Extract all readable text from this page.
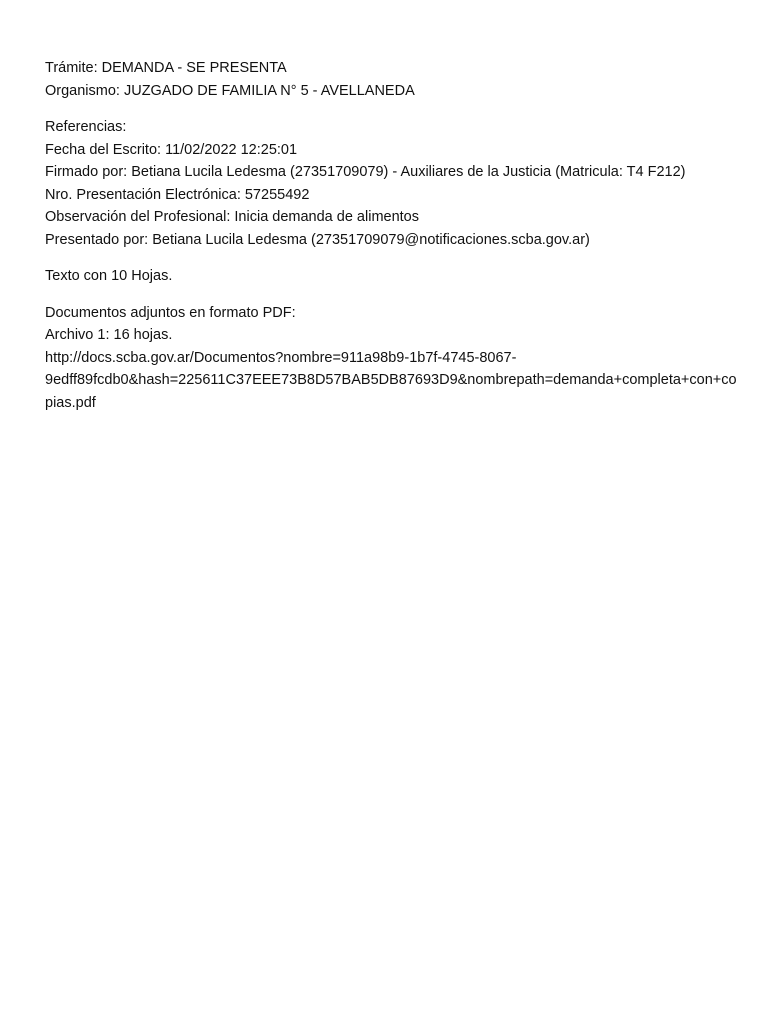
Trámite: DEMANDA - SE PRESENTA
Organismo: JUZGADO DE FAMILIA N° 5 - AVELLANEDA
Referencias:
Fecha del Escrito: 11/02/2022 12:25:01
Firmado por: Betiana Lucila Ledesma (27351709079) - Auxiliares de la Justicia (Matricula: T4 F212)
Nro. Presentación Electrónica: 57255492
Observación del Profesional: Inicia demanda de alimentos
Presentado por: Betiana Lucila Ledesma (27351709079@notificaciones.scba.gov.ar)
Texto con 10 Hojas.
Documentos adjuntos en formato PDF:
Archivo 1: 16 hojas.
http://docs.scba.gov.ar/Documentos?nombre=911a98b9-1b7f-4745-8067-
9edff89fcdb0&hash=225611C37EEE73B8D57BAB5DB87693D9&nombrepath=demanda+completa+con+co
pias.pdf
